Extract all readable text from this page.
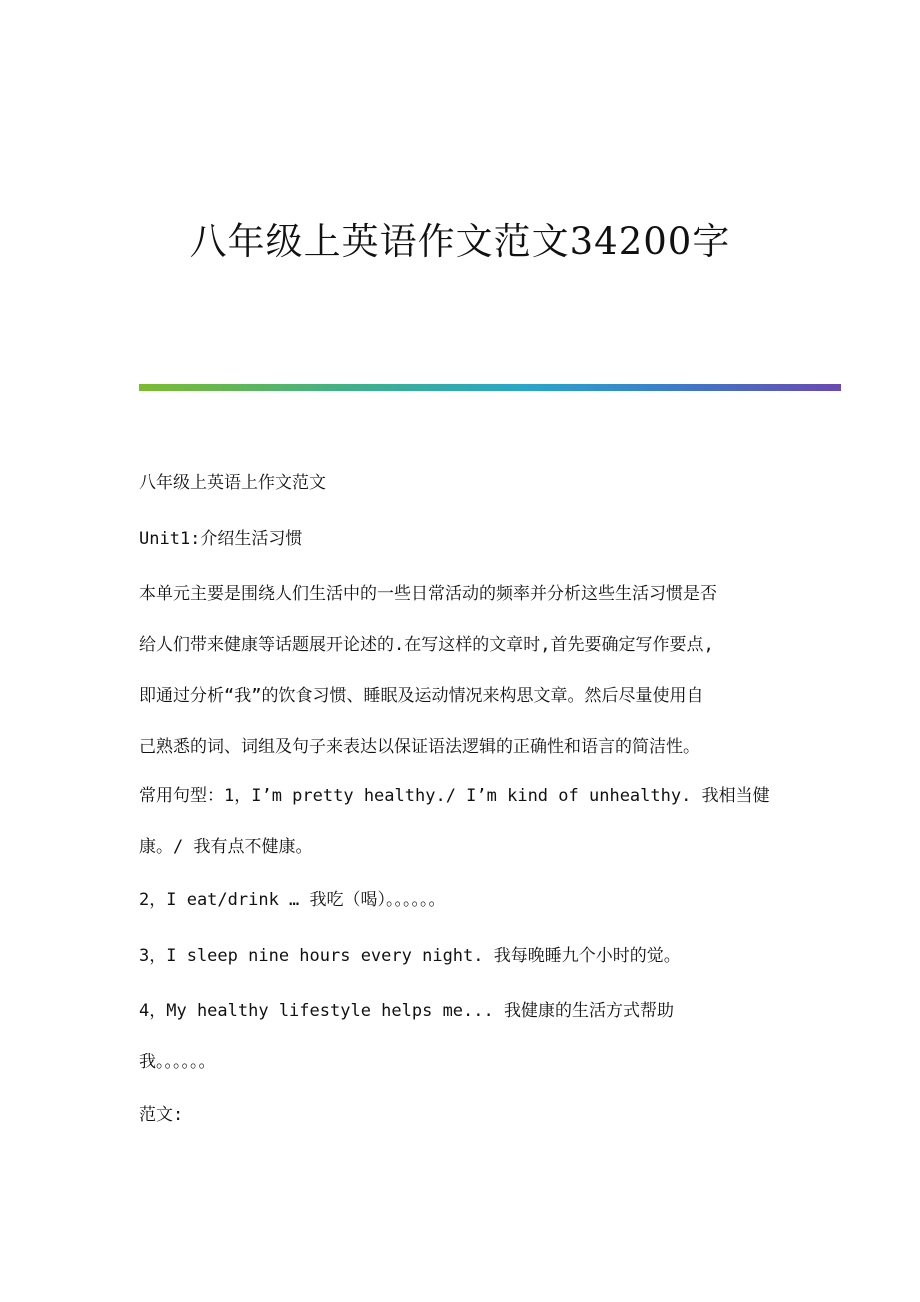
八年级上英语作文范文34200字
八年级上英语上作文范文
Unit1:介绍生活习惯
本单元主要是围绕人们生活中的一些日常活动的频率并分析这些生活习惯是否
给人们带来健康等话题展开论述的.在写这样的文章时,首先要确定写作要点,
即通过分析“我”的饮食习惯、睡眠及运动情况来构思文章。然后尽量使用自
己熟悉的词、词组及句子来表达以保证语法逻辑的正确性和语言的简洁性。
常用句型：1，I’m pretty healthy./ I’m kind of unhealthy. 我相当健
康。/ 我有点不健康。
2，I eat/drink … 我吃（喝）。。。。。。
3，I sleep nine hours every night. 我每晚睡九个小时的觉。
4，My healthy lifestyle helps me... 我健康的生活方式帮助
我。。。。。。
范文:
